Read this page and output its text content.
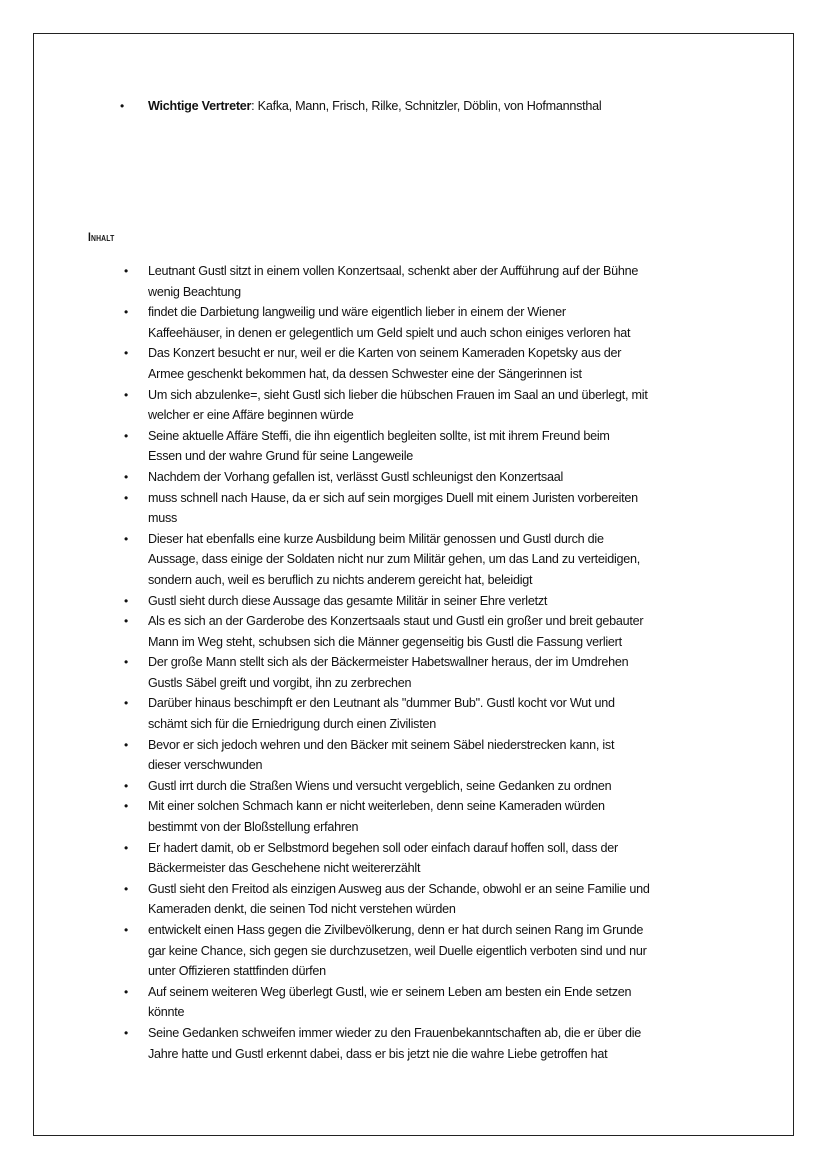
• Wichtige Vertreter: Kafka, Mann, Frisch, Rilke, Schnitzler, Döblin, von Hofmannsthal
Inhalt
• Leutnant Gustl sitzt in einem vollen Konzertsaal, schenkt aber der Aufführung auf der Bühne
wenig Beachtung
• findet die Darbietung langweilig und wäre eigentlich lieber in einem der Wiener
Kaffeehäuser, in denen er gelegentlich um Geld spielt und auch schon einiges verloren hat
• Das Konzert besucht er nur, weil er die Karten von seinem Kameraden Kopetsky aus der
Armee geschenkt bekommen hat, da dessen Schwester eine der Sängerinnen ist
• Um sich abzulenke=, sieht Gustl sich lieber die hübschen Frauen im Saal an und überlegt, mit
welcher er eine Affäre beginnen würde
• Seine aktuelle Affäre Steffi, die ihn eigentlich begleiten sollte, ist mit ihrem Freund beim
Essen und der wahre Grund für seine Langeweile
• Nachdem der Vorhang gefallen ist, verlässt Gustl schleunigst den Konzertsaal
• muss schnell nach Hause, da er sich auf sein morgiges Duell mit einem Juristen vorbereiten
muss
• Dieser hat ebenfalls eine kurze Ausbildung beim Militär genossen und Gustl durch die
Aussage, dass einige der Soldaten nicht nur zum Militär gehen, um das Land zu verteidigen,
sondern auch, weil es beruflich zu nichts anderem gereicht hat, beleidigt
• Gustl sieht durch diese Aussage das gesamte Militär in seiner Ehre verletzt
• Als es sich an der Garderobe des Konzertsaals staut und Gustl ein großer und breit gebauter
Mann im Weg steht, schubsen sich die Männer gegenseitig bis Gustl die Fassung verliert
• Der große Mann stellt sich als der Bäckermeister Habetswallner heraus, der im Umdrehen
Gustls Säbel greift und vorgibt, ihn zu zerbrechen
• Darüber hinaus beschimpft er den Leutnant als "dummer Bub". Gustl kocht vor Wut und
schämt sich für die Erniedrigung durch einen Zivilisten
• Bevor er sich jedoch wehren und den Bäcker mit seinem Säbel niederstrecken kann, ist
dieser verschwunden
• Gustl irrt durch die Straßen Wiens und versucht vergeblich, seine Gedanken zu ordnen
• Mit einer solchen Schmach kann er nicht weiterleben, denn seine Kameraden würden
bestimmt von der Bloßstellung erfahren
• Er hadert damit, ob er Selbstmord begehen soll oder einfach darauf hoffen soll, dass der
Bäckermeister das Geschehene nicht weitererzählt
• Gustl sieht den Freitod als einzigen Ausweg aus der Schande, obwohl er an seine Familie und
Kameraden denkt, die seinen Tod nicht verstehen würden
• entwickelt einen Hass gegen die Zivilbevölkerung, denn er hat durch seinen Rang im Grunde
gar keine Chance, sich gegen sie durchzusetzen, weil Duelle eigentlich verboten sind und nur
unter Offizieren stattfinden dürfen
• Auf seinem weiteren Weg überlegt Gustl, wie er seinem Leben am besten ein Ende setzen
könnte
• Seine Gedanken schweifen immer wieder zu den Frauenbekanntschaften ab, die er über die
Jahre hatte und Gustl erkennt dabei, dass er bis jetzt nie die wahre Liebe getroffen hat
